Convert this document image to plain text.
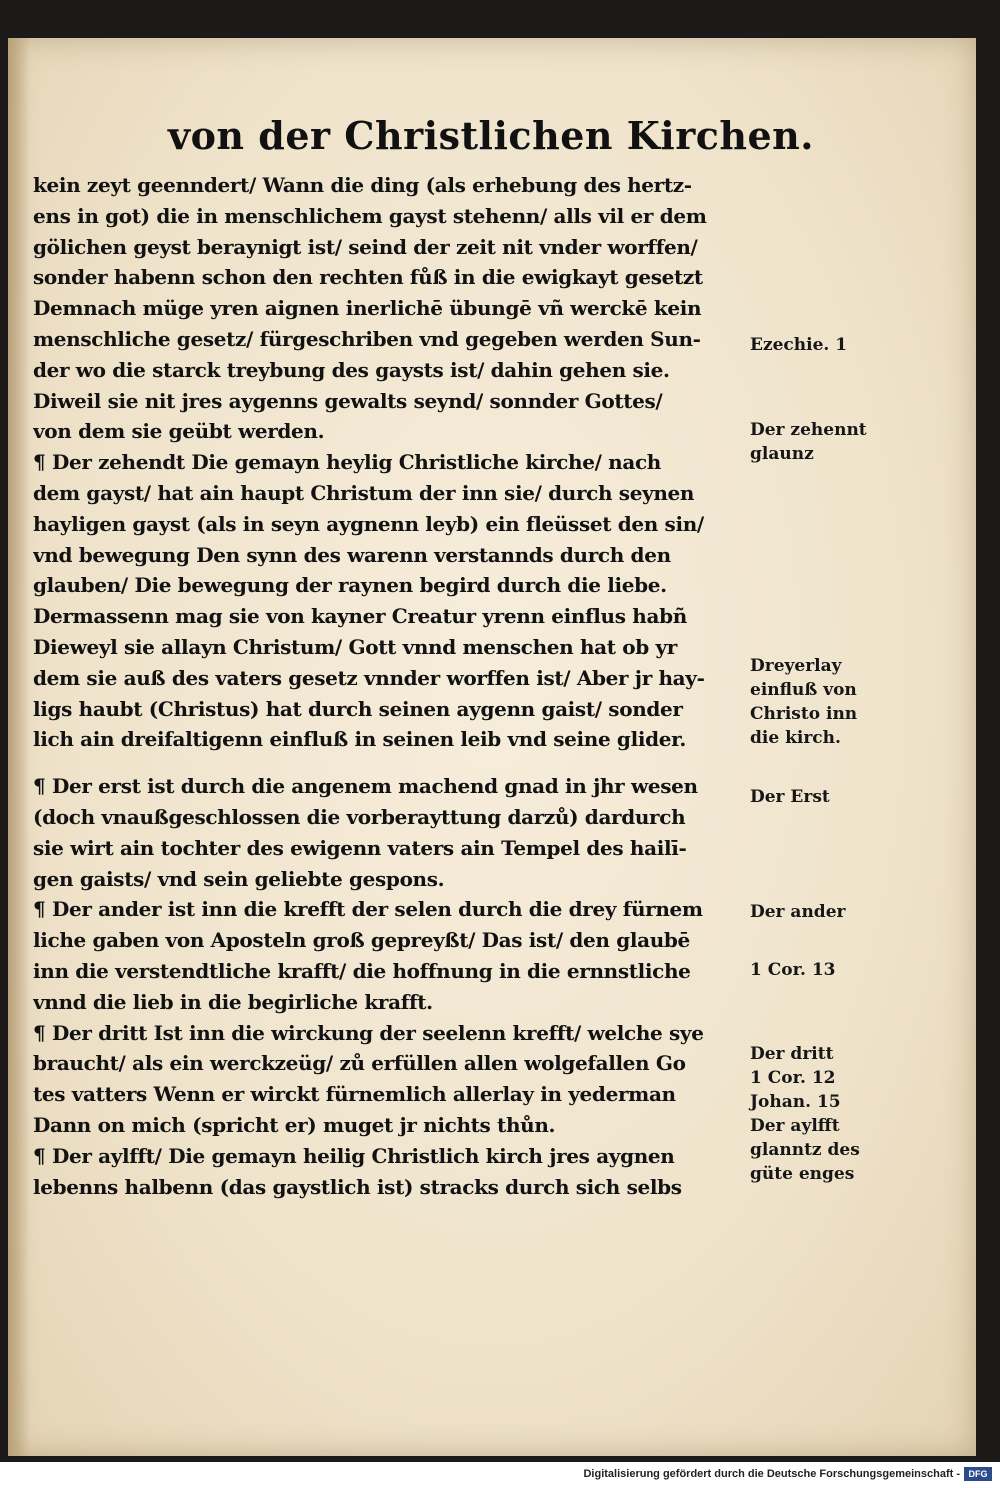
von der Christlichen Kirchen.
kein zeyt geenndert/ Wann die ding (als erhebung des hertz-
ens in got) die in menschlichem gayst stehenn/ alls vil er dem
gölichen geyst beraynigt ist/ seind der zeit nit vnder worffen/
sonder habenn schon den rechten fůß in die ewigkayt gesetzt
Demnach müge yren aignen inerlichē übungē vñ werckē kein
menschliche gesetz/ fürgeschriben vnd gegeben werden Sun-
der wo die starck treybung des gaysts ist/ dahin gehen sie.
Diweil sie nit jres aygenns gewalts seynd/ sonnder Gottes/
von dem sie geübt werden.
¶ Der zehendt Die gemayn heylig Christliche kirche/ nach
dem gayst/ hat ain haupt Christum der inn sie/ durch seynen
hayligen gayst (als in seyn aygnenn leyb) ein fleüsset den sin/
vnd bewegung Den synn des warenn verstannds durch den
glauben/ Die bewegung der raynen begird durch die liebe.
Dermassenn mag sie von kayner Creatur yrenn einflus habñ
Dieweyl sie allayn Christum/ Gott vnnd menschen hat ob yr
dem sie auß des vaters gesetz vnnder worffen ist/ Aber jr hay-
ligs haubt (Christus) hat durch seinen aygenn gaist/ sonder
lich ain dreifaltigenn einfluß in seinen leib vnd seine glider.
¶ Der erst ist durch die angenem machend gnad in jhr wesen
(doch vnaußgeschlossen die vorberayttung darzů) dardurch
sie wirt ain tochter des ewigenn vaters ain Tempel des hailī-
gen gaists/ vnd sein geliebte gespons.
¶ Der ander ist inn die krefft der selen durch die drey fürnem
liche gaben von Aposteln groß gepreyßt/ Das ist/ den glaubē
inn die verstendtliche krafft/ die hoffnung in die ernnstliche
vnnd die lieb in die begirliche krafft.
¶ Der dritt Ist inn die wirckung der seelenn krefft/ welche sye
braucht/ als ein werckzeüg/ zů erfüllen allen wolgefallen Go
tes vatters Wenn er wirckt fürnemlich allerlay in yederman
Dann on mich (spricht er) muget jr nichts thůn.
¶ Der aylfft/ Die gemayn heilig Christlich kirch jres aygnen
lebenns halbenn (das gaystlich ist) stracks durch sich selbs
Ezechie. 1
Der zehennt
glaunz
Dreyerlay
einfluß von
Christo inn
die kirch.
Der Erst
Der ander
1 Cor. 13
Der dritt
1 Cor. 12
Johan. 15
Der aylfft
glanntz des
güte enges
Digitalisierung gefördert durch die Deutsche Forschungsgemeinschaft - DFG
